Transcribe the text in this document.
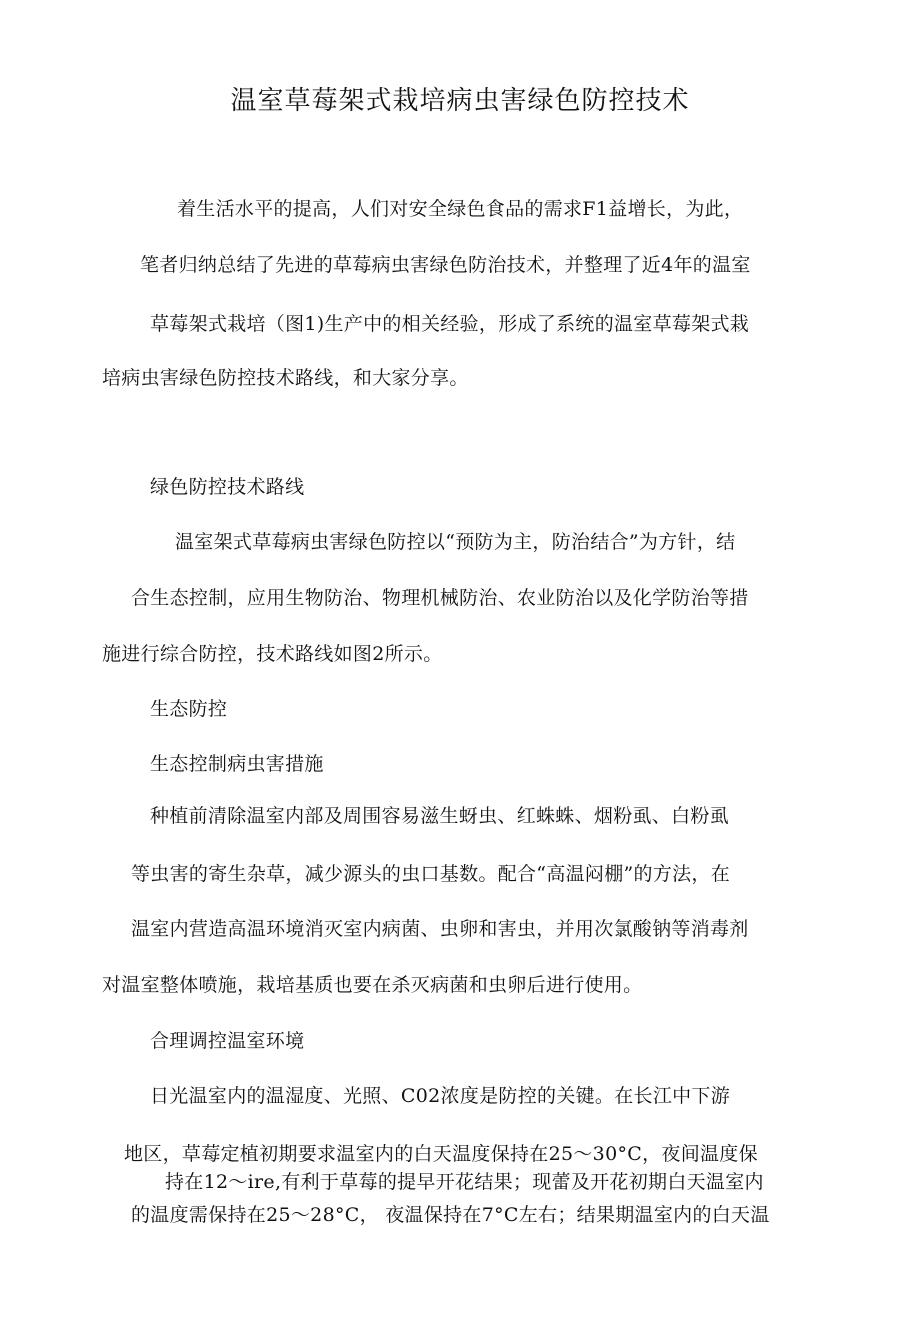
温室草莓架式栽培病虫害绿色防控技术
着生活水平的提高，人们对安全绿色食品的需求F1益增长，为此，
笔者归纳总结了先进的草莓病虫害绿色防治技术，并整理了近4年的温室
草莓架式栽培（图1)生产中的相关经验，形成了系统的温室草莓架式栽
培病虫害绿色防控技术路线，和大家分享。
绿色防控技术路线
温室架式草莓病虫害绿色防控以“预防为主，防治结合”为方针，结
合生态控制，应用生物防治、物理机械防治、农业防治以及化学防治等措
施进行综合防控，技术路线如图2所示。
生态防控
生态控制病虫害措施
种植前清除温室内部及周围容易滋生蚜虫、红蛛蛛、烟粉虱、白粉虱
等虫害的寄生杂草，减少源头的虫口基数。配合“高温闷棚”的方法，在
温室内营造高温环境消灭室内病菌、虫卵和害虫，并用次氯酸钠等消毒剂
对温室整体喷施，栽培基质也要在杀灭病菌和虫卵后进行使用。
合理调控温室环境
日光温室内的温湿度、光照、C02浓度是防控的关键。在长江中下游
地区，草莓定植初期要求温室内的白天温度保持在25～30°C，夜间温度保
持在12～ire,有利于草莓的提早开花结果；现蕾及开花初期白天温室内
的温度需保持在25～28°C， 夜温保持在7°C左右；结果期温室内的白天温
